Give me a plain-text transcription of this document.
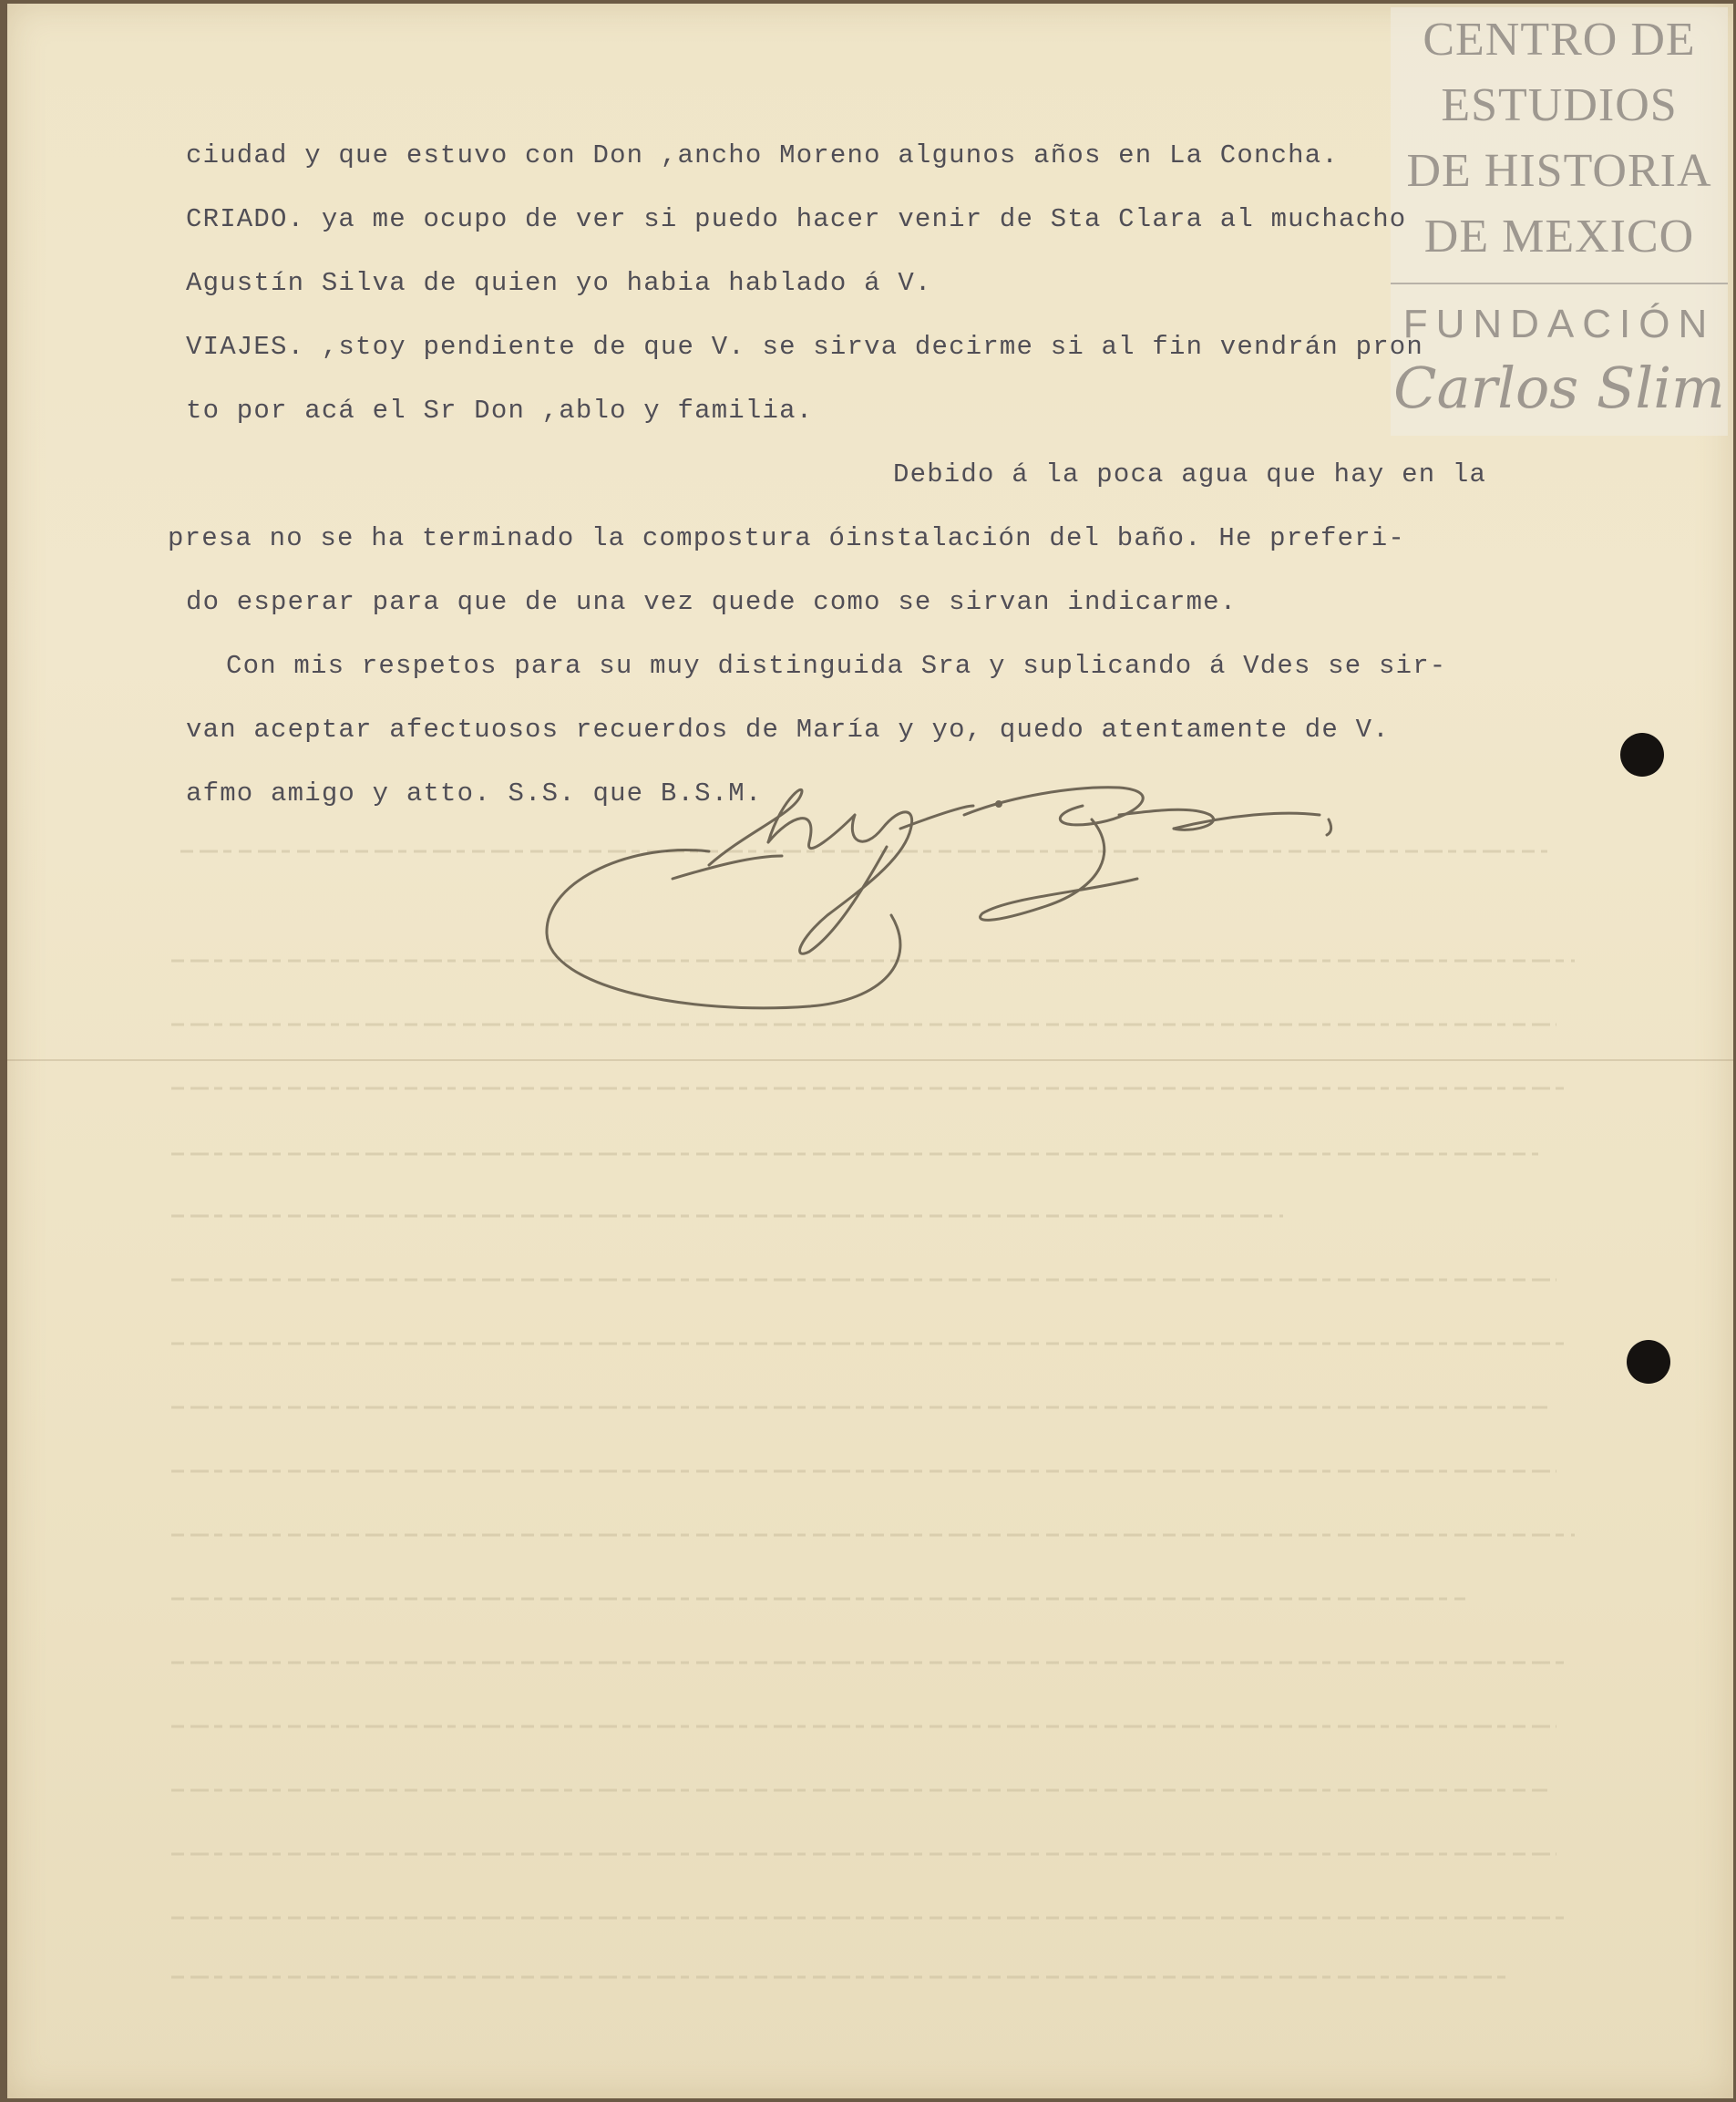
CENTRO DE
ESTUDIOS
DE HISTORIA
DE MEXICO
FUNDACIÓN
Carlos Slim
ciudad y que estuvo con Don ,ancho Moreno algunos años en La Concha.
CRIADO. ya me ocupo de ver si puedo hacer venir de Sta Clara al muchacho
Agustín Silva de quien yo habia hablado á V.
VIAJES. ,stoy pendiente de que V. se sirva decirme si al fin vendrán pron
to por acá el Sr Don ,ablo y familia.
Debido á la poca agua que hay en la
presa no se ha terminado la compostura óinstalación del baño. He preferi-
do esperar para que de una vez quede como se sirvan indicarme.
Con mis respetos para su muy distinguida Sra y suplicando á Vdes se sir-
van aceptar afectuosos recuerdos de María y yo, quedo atentamente de V.
afmo amigo y atto. S.S. que B.S.M.
